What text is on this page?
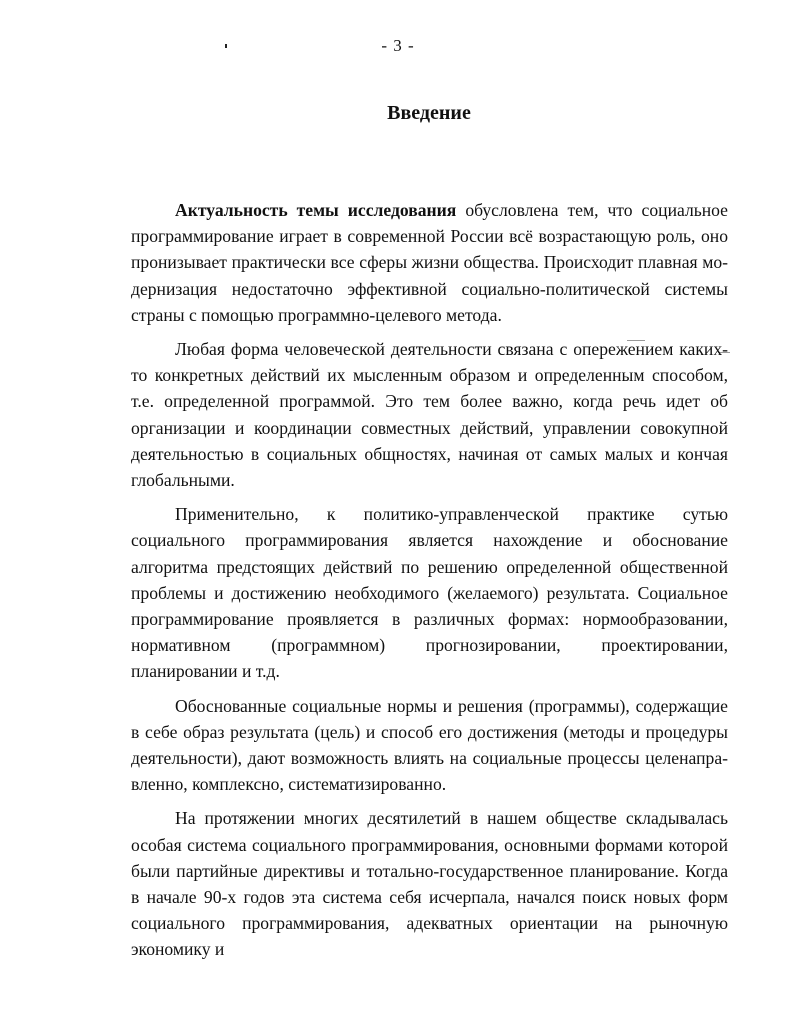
- 3 -
Введение

Актуальность темы исследования обусловлена тем, что социальное программирование играет в современной России всё возрастающую роль, оно пронизывает практически все сферы жизни общества. Происходит плавная модернизация недостаточно эффективной социально-политической системы страны с помощью программно-целевого метода.

Любая форма человеческой деятельности связана с опережением каких-то конкретных действий их мысленным образом и определенным способом, т.е. определенной программой. Это тем более важно, когда речь идет об организации и координации совместных действий, управлении совокупной деятельностью в социальных общностях, начиная от самых малых и кончая глобальными.

Применительно, к политико-управленческой практике сутью социального программирования является нахождение и обоснование алгоритма предстоящих действий по решению определенной общественной проблемы и достижению необходимого (желаемого) результата. Социальное программирование проявляется в различных формах: нормообразовании, нормативном (программном) прогнозировании, проектировании, планировании и т.д.

Обоснованные социальные нормы и решения (программы), содержащие в себе образ результата (цель) и способ его достижения (методы и процедуры деятельности), дают возможность влиять на социальные процессы целенаправленно, комплексно, систематизированно.

На протяжении многих десятилетий в нашем обществе складывалась особая система социального программирования, основными формами которой были партийные директивы и тотально-государственное планирование. Когда в начале 90-х годов эта система себя исчерпала, начался поиск новых форм социального программирования, адекватных ориентации на рыночную экономику и
